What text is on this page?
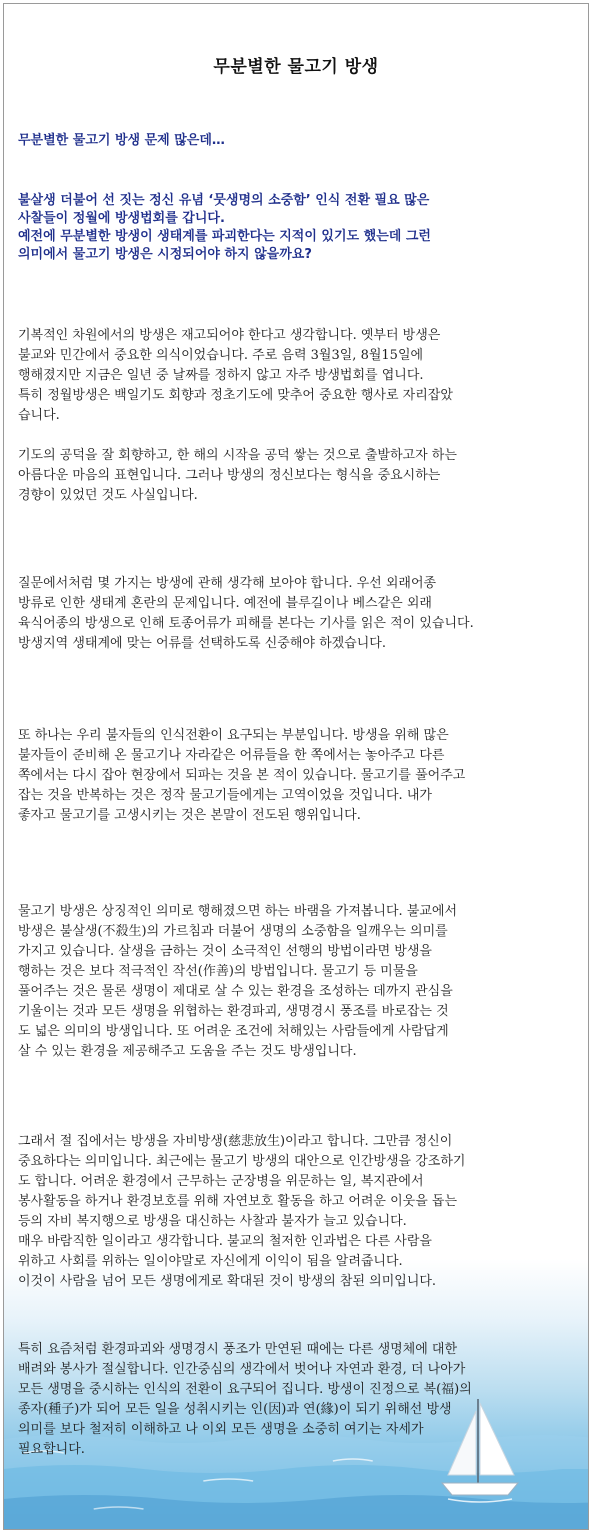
무분별한 물고기 방생
무분별한 물고기 방생 문제 많은데…
불살생 더불어 선 짓는 정신 유념 ‘뭇생명의 소중함’ 인식 전환 필요 많은
사찰들이 정월에 방생법회를 갑니다.
예전에 무분별한 방생이 생태계를 파괴한다는 지적이 있기도 했는데 그런
의미에서 물고기 방생은 시정되어야 하지 않을까요?
기복적인 차원에서의 방생은 재고되어야 한다고 생각합니다. 옛부터 방생은
불교와 민간에서 중요한 의식이었습니다. 주로 음력 3월3일, 8월15일에
행해졌지만 지금은 일년 중 날짜를 정하지 않고 자주 방생법회를 엽니다.
특히 정월방생은 백일기도 회향과 정초기도에 맞추어 중요한 행사로 자리잡았
습니다.
기도의 공덕을 잘 회향하고, 한 해의 시작을 공덕 쌓는 것으로 출발하고자 하는
아름다운 마음의 표현입니다. 그러나 방생의 정신보다는 형식을 중요시하는
경향이 있었던 것도 사실입니다.
질문에서처럼 몇 가지는 방생에 관해 생각해 보아야 합니다. 우선 외래어종
방류로 인한 생태계 혼란의 문제입니다. 예전에 블루길이나 베스같은 외래
육식어종의 방생으로 인해 토종어류가 피해를 본다는 기사를 읽은 적이 있습니다.
방생지역 생태계에 맞는 어류를 선택하도록 신중해야 하겠습니다.
또 하나는 우리 불자들의 인식전환이 요구되는 부분입니다. 방생을 위해 많은
불자들이 준비해 온 물고기나 자라같은 어류들을 한 쪽에서는 놓아주고 다른
쪽에서는 다시 잡아 현장에서 되파는 것을 본 적이 있습니다. 물고기를 풀어주고
잡는 것을 반복하는 것은 정작 물고기들에게는 고역이었을 것입니다. 내가
좋자고 물고기를 고생시키는 것은 본말이 전도된 행위입니다.
물고기 방생은 상징적인 의미로 행해졌으면 하는 바램을 가져봅니다. 불교에서
방생은 불살생(不殺生)의 가르침과 더불어 생명의 소중함을 일깨우는 의미를
가지고 있습니다. 살생을 금하는 것이 소극적인 선행의 방법이라면 방생을
행하는 것은 보다 적극적인 작선(作善)의 방법입니다. 물고기 등 미물을
풀어주는 것은 물론 생명이 제대로 살 수 있는 환경을 조성하는 데까지 관심을
기울이는 것과 모든 생명을 위협하는 환경파괴, 생명경시 풍조를 바로잡는 것
도 넓은 의미의 방생입니다. 또 어려운 조건에 처해있는 사람들에게 사람답게
살 수 있는 환경을 제공해주고 도움을 주는 것도 방생입니다.
그래서 절 집에서는 방생을 자비방생(慈悲放生)이라고 합니다. 그만큼 정신이
중요하다는 의미입니다. 최근에는 물고기 방생의 대안으로 인간방생을 강조하기
도 합니다. 어려운 환경에서 근무하는 군장병을 위문하는 일, 복지관에서
봉사활동을 하거나 환경보호를 위해 자연보호 활동을 하고 어려운 이웃을 돕는
등의 자비 복지행으로 방생을 대신하는 사찰과 불자가 늘고 있습니다.
매우 바람직한 일이라고 생각합니다. 불교의 철저한 인과법은 다른 사람을
위하고 사회를 위하는 일이야말로 자신에게 이익이 됨을 알려줍니다.
이것이 사람을 넘어 모든 생명에게로 확대된 것이 방생의 참된 의미입니다.
특히 요즘처럼 환경파괴와 생명경시 풍조가 만연된 때에는 다른 생명체에 대한
배려와 봉사가 절실합니다. 인간중심의 생각에서 벗어나 자연과 환경, 더 나아가
모든 생명을 중시하는 인식의 전환이 요구되어 집니다. 방생이 진정으로 복(福)의
종자(種子)가 되어 모든 일을 성취시키는 인(因)과 연(緣)이 되기 위해선 방생
의미를 보다 철저히 이해하고 나 이외 모든 생명을 소중히 여기는 자세가
필요합니다.
